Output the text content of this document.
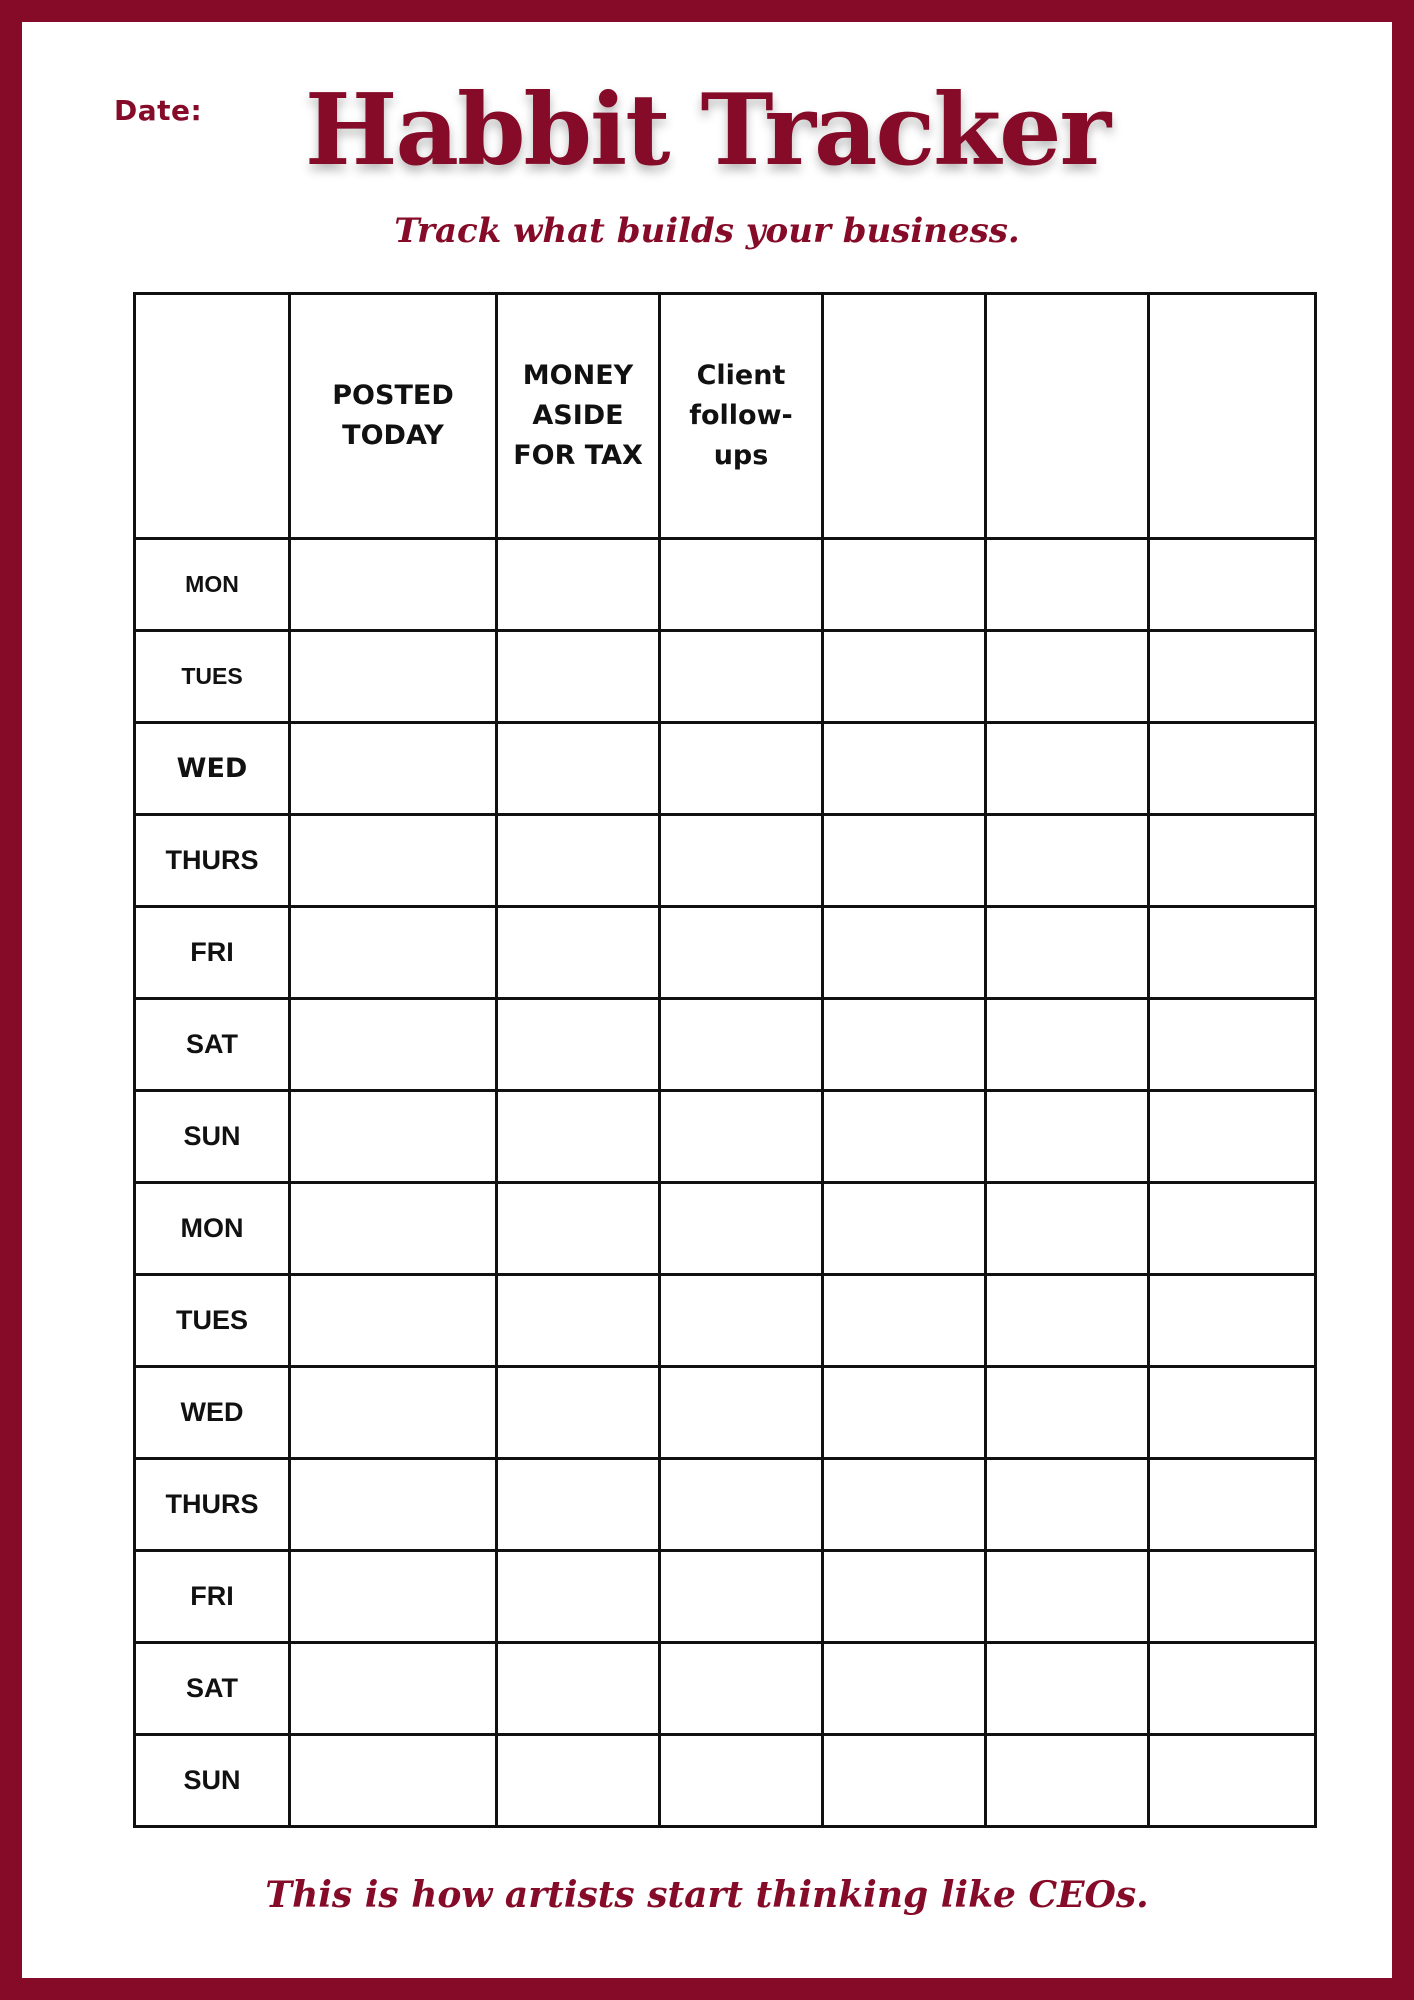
Date:	Habbit Tracker
Track what builds your business.
	POSTED TODAY	MONEY ASIDE FOR TAX	Client follow-ups			
MON						
TUES						
WED						
THURS						
FRI						
SAT						
SUN						
MON						
TUES						
WED						
THURS						
FRI						
SAT						
SUN						
This is how artists start thinking like CEOs.
